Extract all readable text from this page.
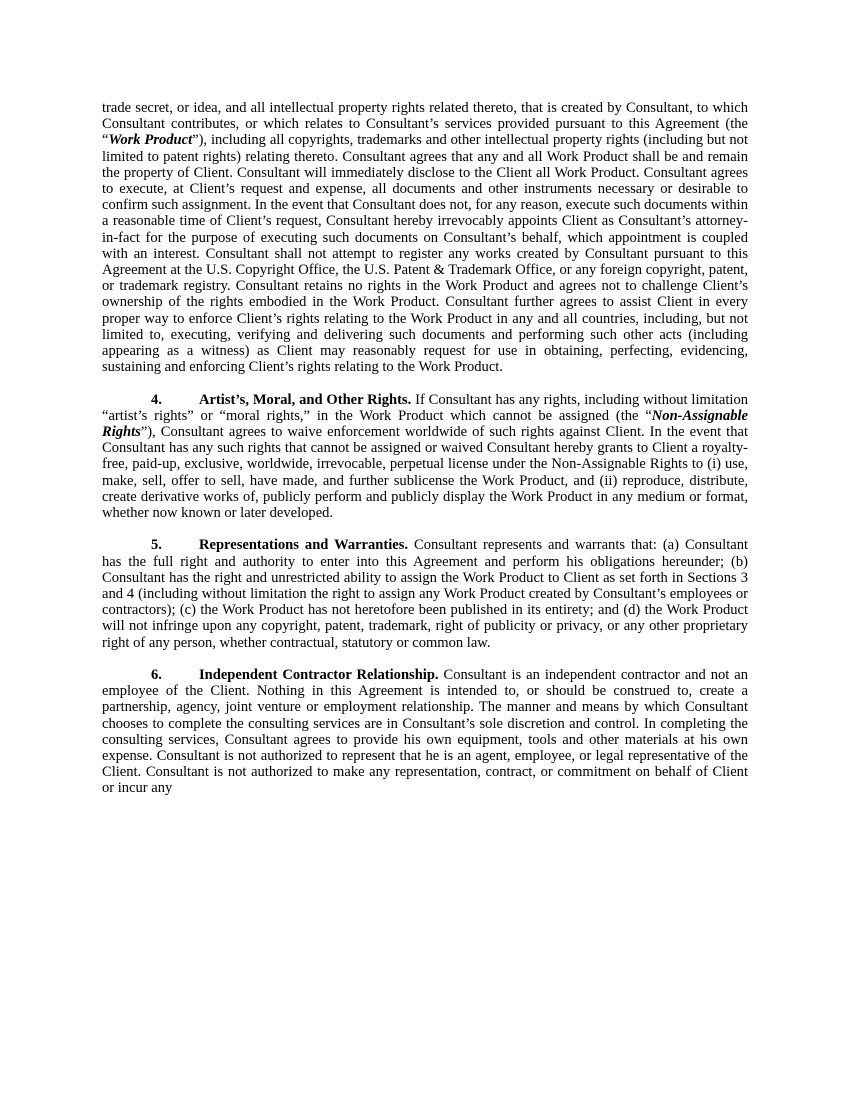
trade secret, or idea, and all intellectual property rights related thereto, that is created by Consultant, to which Consultant contributes, or which relates to Consultant’s services provided pursuant to this Agreement (the “Work Product”), including all copyrights, trademarks and other intellectual property rights (including but not limited to patent rights) relating thereto. Consultant agrees that any and all Work Product shall be and remain the property of Client. Consultant will immediately disclose to the Client all Work Product. Consultant agrees to execute, at Client’s request and expense, all documents and other instruments necessary or desirable to confirm such assignment. In the event that Consultant does not, for any reason, execute such documents within a reasonable time of Client’s request, Consultant hereby irrevocably appoints Client as Consultant’s attorney-in-fact for the purpose of executing such documents on Consultant’s behalf, which appointment is coupled with an interest. Consultant shall not attempt to register any works created by Consultant pursuant to this Agreement at the U.S. Copyright Office, the U.S. Patent & Trademark Office, or any foreign copyright, patent, or trademark registry. Consultant retains no rights in the Work Product and agrees not to challenge Client’s ownership of the rights embodied in the Work Product. Consultant further agrees to assist Client in every proper way to enforce Client’s rights relating to the Work Product in any and all countries, including, but not limited to, executing, verifying and delivering such documents and performing such other acts (including appearing as a witness) as Client may reasonably request for use in obtaining, perfecting, evidencing, sustaining and enforcing Client’s rights relating to the Work Product.

4.	Artist’s, Moral, and Other Rights. If Consultant has any rights, including without limitation “artist’s rights” or “moral rights,” in the Work Product which cannot be assigned (the “Non-Assignable Rights”), Consultant agrees to waive enforcement worldwide of such rights against Client. In the event that Consultant has any such rights that cannot be assigned or waived Consultant hereby grants to Client a royalty-free, paid-up, exclusive, worldwide, irrevocable, perpetual license under the Non-Assignable Rights to (i) use, make, sell, offer to sell, have made, and further sublicense the Work Product, and (ii) reproduce, distribute, create derivative works of, publicly perform and publicly display the Work Product in any medium or format, whether now known or later developed.

5.	Representations and Warranties. Consultant represents and warrants that: (a) Consultant has the full right and authority to enter into this Agreement and perform his obligations hereunder; (b) Consultant has the right and unrestricted ability to assign the Work Product to Client as set forth in Sections 3 and 4 (including without limitation the right to assign any Work Product created by Consultant’s employees or contractors); (c) the Work Product has not heretofore been published in its entirety; and (d) the Work Product will not infringe upon any copyright, patent, trademark, right of publicity or privacy, or any other proprietary right of any person, whether contractual, statutory or common law.

6.	Independent Contractor Relationship. Consultant is an independent contractor and not an employee of the Client. Nothing in this Agreement is intended to, or should be construed to, create a partnership, agency, joint venture or employment relationship. The manner and means by which Consultant chooses to complete the consulting services are in Consultant’s sole discretion and control. In completing the consulting services, Consultant agrees to provide his own equipment, tools and other materials at his own expense. Consultant is not authorized to represent that he is an agent, employee, or legal representative of the Client. Consultant is not authorized to make any representation, contract, or commitment on behalf of Client or incur any
